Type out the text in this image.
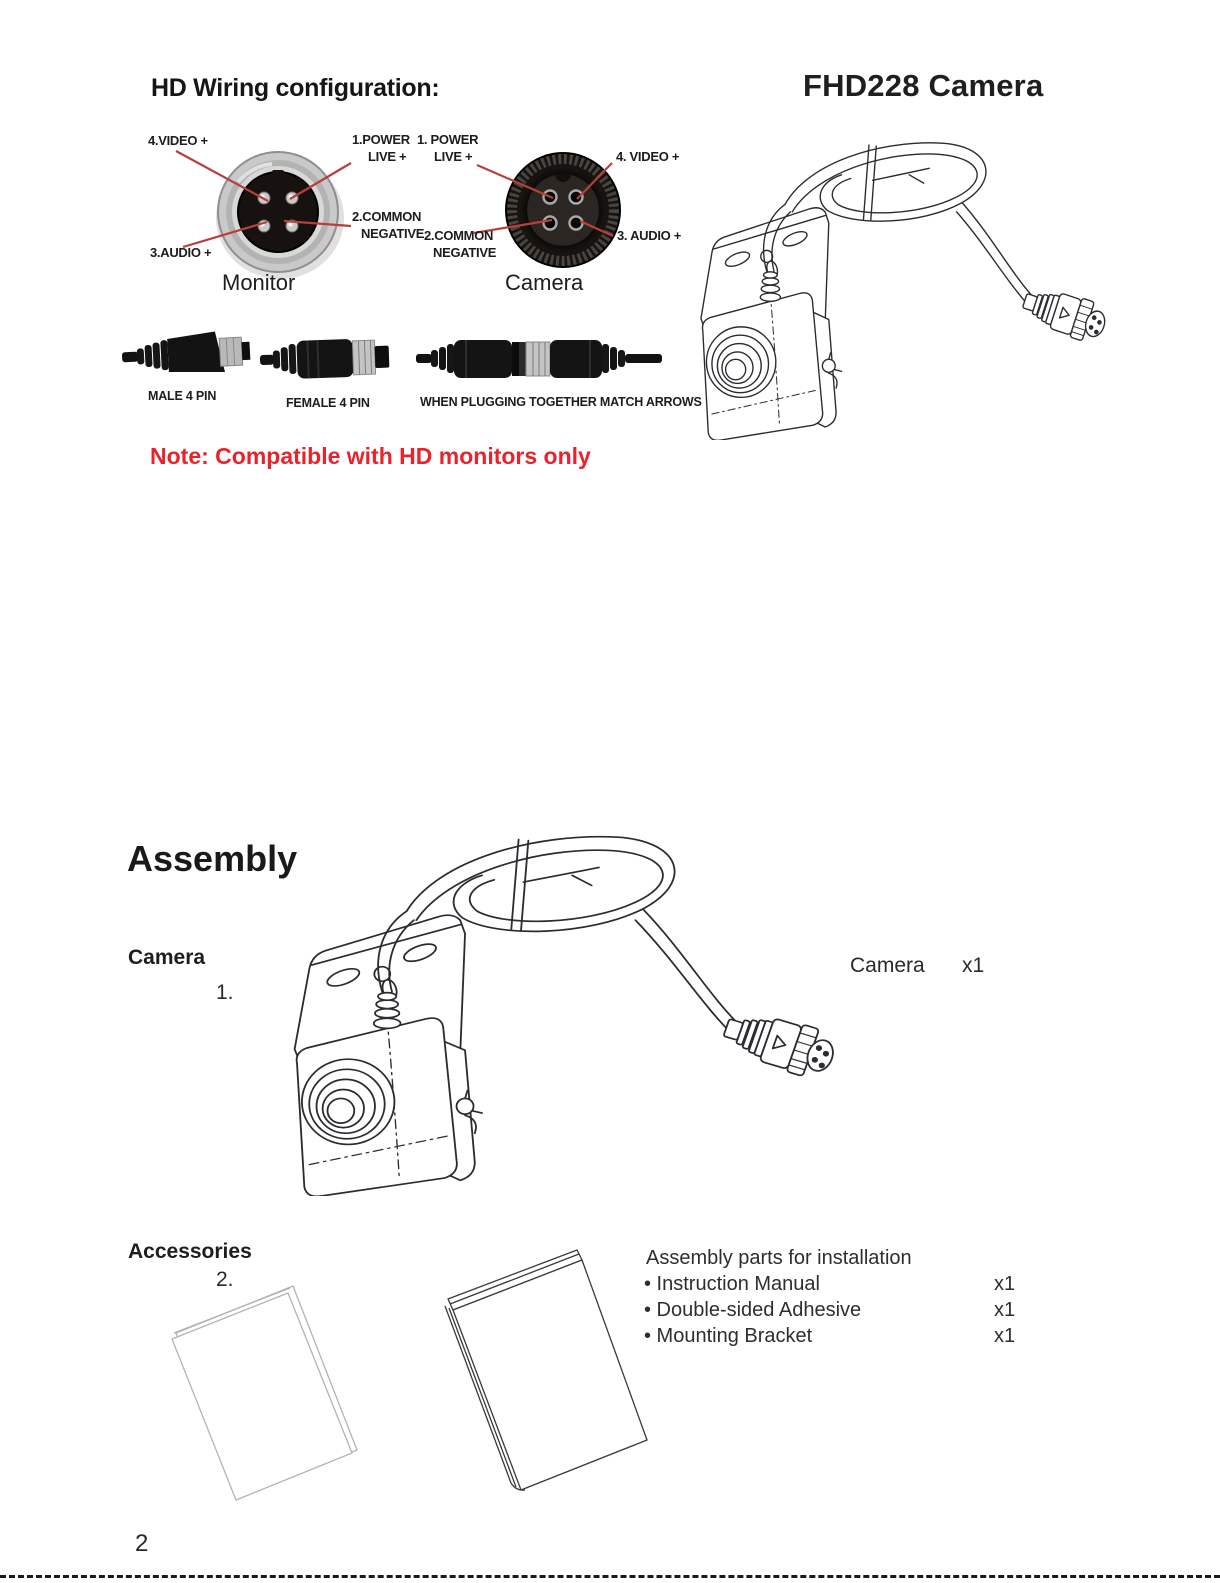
HD Wiring configuration:	FHD228 Camera
4.VIDEO +	1.POWER
LIVE +
2.COMMON
NEGATIVE
3.AUDIO +
1. POWER
LIVE +	4. VIDEO +
2.COMMON
NEGATIVE
3. AUDIO +
Monitor	Camera
MALE 4 PIN	FEMALE 4 PIN	WHEN PLUGGING TOGETHER MATCH ARROWS
Note: Compatible with HD monitors only
Assembly
Camera
1.
Camera x1
Accessories
2.
Assembly parts for installation
• Instruction Manual	x1
• Double-sided Adhesive	x1
• Mounting Bracket	x1
2
